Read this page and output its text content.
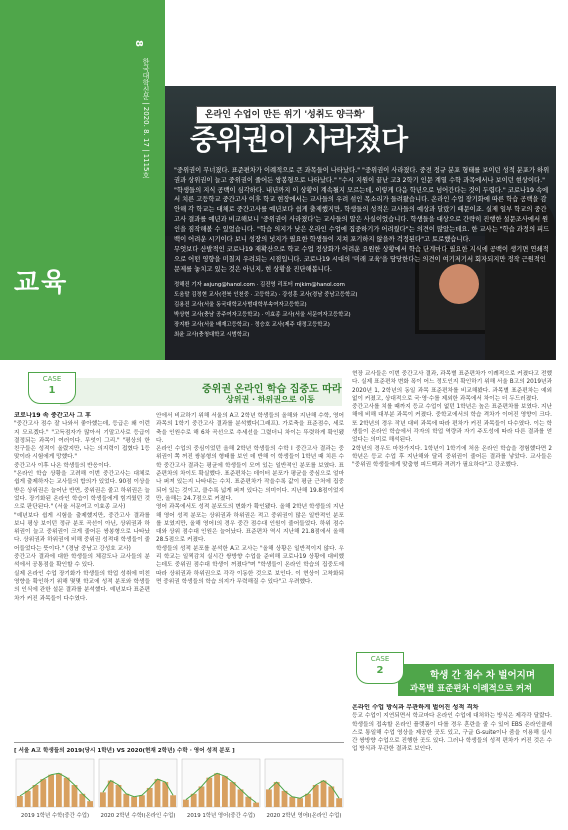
8
한국대학신문 | 2020. 8. 17 | 1115호
교육
온라인 수업이 만든 위기 '성취도 양극화'
중위권이 사라졌다

"중위권이 무너졌다. 표준편차가 이례적으로 큰 과목들이 나타났다." "중위권이 사라졌다. 중전 정규 분포 형태를 보이던 성적 분포가 하위권과 상위권이 늘고 중위권이 줄어든 쌍봉형으로 나타났다." "수시 지원이 끝난 고3 2학기 인문 계열 수학 과목에서나 보이던 현상이다." "학생들의 지식 공백이 심각하다. 내년까지 이 상황이 계속될지 모르는데, 이렇게 다음 학년으로 넘어간다는 것이 두렵다." 코로나19 속에서 치른 고등학교 중간고사 이후 학교 현장에서는 교사들의 우려 섞인 목소리가 들려왔습니다. 온라인 수업 장기화에 따른 학습 공백을 감안해 각 학교는 대체로 중간고사를 예년보다 쉽게 출제했지만, 학생들의 성적은 교사들의 예상과 달랐기 때문이죠. 실제 일부 학교의 중간고사 결과를 예년과 비교해보니 '중위권이 사라졌다'는 교사들의 말은 사실이었습니다. 학생들을 대상으로 간략히 진행한 설문조사에서 원인을 짐작해볼 수 있었습니다. "학습 의지가 낮은 온라인 수업에 집중하기가 어려웠다"는 의견이 많았는데요. 한 교사는 "학습 과정의 피드백이 어려운 시기이다 보니 성장의 넛지가 필요한 학생들이 지쳐 포기하지 않을까 걱정된다"고 토로했습니다.

무엇보다 산발적인 코로나19 재확산으로 학교 수업 정상화가 어려운 요원한 상황에서 학습 단계마다 필요한 지식에 공백이 생기면 연쇄적으로 어떤 영향을 미칠지 우려되는 시점입니다. 코로나19 시대의 '미래 교육'을 담당한다는 의견이 여기저기서 회자되지만 정작 근원적인 문제를 놓치고 있는 것은 아닌지, 현 상황을 진단해봅니다.

정해진 기자 asjung@hanol.com · 김진영 리포터 mjkim@hanol.com
도움말 김정현 교사(전북 인천중 · 고등학교) · 강성훈 교사(경남 중남고등학교)
김용진 교사(서울 동국대학교사범대학부속여자고등학교)
박상현 교사(충남 공주여자고등학교) · 이효종 교사(서울 서문여자고등학교)
장지환 교사(서울 배재고등학교) · 정승호 교사(제주 대정고등학교)
최윤 교사(충청대학교 시범학교)
CASE
1	중위권 온라인 학습 집중도 따라
상위권 · 하위권으로 이동

코로나19 속 중간고사 그 후

"중간고사 점수 잘 나와서 좋아했는데, 등급은 왜 이런지 모르겠다." "고득점자가 많아서 기말고사로 등급이 결정되는 과목이 여러이다. 무엇이 그리." "평상의 한 친구들은 성적이 올랐지만, 나는 의지력이 접혔다 1등 맞이라 시험에게 망했다."

중간고사 이후 나온 학생들의 반응이다.

"온라인 학습 상황을 고려해 이번 중간고사는 대체로 쉽게 출제하자는 교사들의 합의가 있었다. 90점 이상을 받은 상위권은 늘어난 반면, 중위권은 줄고 하위권은 늘었다. 장기화된 온라인 학습이 학생들에게 힘겨웠던 것으로 판단된다." (서울 서문여고 이효종 교사)

"예년보다 쉽게 시험을 출제했지만, 중간고사 결과를 보니 평상 보이던 정규 분포 곡선이 아닌, 상위권과 하위권이 늘고 중위권이 크게 줄어든 쌍봉형으로 나타났다. 상위권과 하위권에 비해 중위권 성적대 학생들이 줄어들었다는 뜻이다." (경남 중남고 강성호 교사)

중간고사 결과에 대한 학생들의 체감도나 교사들의 분석에서 공통점을 확인할 수 있다.

실제 온라인 수업 장기화가 학생들의 학업 성취에 미친 영향을 확인하기 위해 몇몇 학교에 성적 분포와 학생들의 인식에 관한 설문 결과를 분석했다. 예년보다 표준편차가 커진 과목들이 다수였다.

안에서 비교하기 위해 서울의 A고 2학년 학생들의 올해와 지난해 수학, 영어 과목의 1학기 중간고사 결과를 분석했다(그래프). 가로축을 표준점수, 세로축을 인원수로 해 6차 곡선으로 추세선을 그렸더니 차이는 뚜렷하게 확인됐다.

온라인 수업의 중심이었던 올해 2학년 학생들의 수학 Ⅰ 중간고사 결과는 중위권이 쪽 꺼진 쌍봉형의 형태를 보인 데 반해 이 학생들이 1학년 때 치른 수학 중간고사 결과는 평균에 학생들이 모여 있는 일반적인 분포를 보였다. 표준편차의 차이도 확실했다. 표준편차는 데이터 분포가 평균을 중심으로 얼마나 퍼져 있는지 나타내는 수치. 표준편차가 작을수록 값이 평균 근처에 집중되어 있는 것이고, 클수록 넓게 퍼져 있다는 의미이다. 지난해 19.8점이었지만, 올해는 24.7점으로 커졌다.

영어 과목에서도 성적 분포도의 변화가 확인됐다. 올해 2학년 학생들의 지난해 영어 성적 분포는 상위권과 하위권은 적고 중위권이 많은 일반적인 분포를 보였지만, 올해 영어Ⅰ의 경우 중간 점수대 인원이 줄어들었다. 하위 점수대와 상위 점수대 인원은 늘어났다. 표준편차 역시 지난해 21.8점에서 올해 28.5점으로 커졌다.

학생들의 성적 분포를 분석한 A고 교사는 "올해 상황은 일반적이지 않다. 우리 학교는 일찍감치 실시간 쌍방향 수업을 준비해 코로나19 상황에 대비했는데도 중위권 점수대 학생이 꺼졌다"며 "학생들이 온라인 학습의 집중도에 따라 상위권과 하위권으로 각각 이동한 것으로 보인다. 이 현상이 고착화되면 중위권 학생들의 학습 의지가 무력해질 수 있다"고 우려했다.

현장 교사들은 이번 중간고사 결과, 과목별 표준편차가 이례적으로 커졌다고 전했다. 실제 표준편차 변화 폭이 어느 정도인지 확인하기 위해 서울 B고의 2019년과 2020년 1, 2학년의 동일 과목 표준편차를 비교해봤다. 과목별 표준편차는 예외 없이 커졌고, 상대적으로 국·영·수를 제외한 과목에서 차이는 더 두드러졌다.

중간고사를 치를 때까지 등교 수업이 없던 1학년은 높은 표준편차를 보였다. 지난해에 비해 대부분 과목이 커졌다. 중학교에서의 학습 격차가 이어진 영향이 크다. 또 2학년의 경우 작년 대비 과목에 따라 편차가 커진 과목들이 다수였다. 이는 학생들이 온라인 학습에서 각자의 학업 역량과 자기 주도성에 따라 다른 결과를 얻었다는 의미로 해석된다.

2학년의 경우도 마찬가지다. 1학년이 1학기에 처음 온라인 학습을 경험했다면 2학년은 등교 수업 후 지난해와 달리 중위권이 줄어든 결과를 낳았다. 교사들은 "중위권 학생들에게 맞춤형 피드백과 격려가 필요하다"고 강조했다.

CASE
2	학생 간 점수 차 벌어지며
과목별 표준편차 이례적으로 커져

온라인 수업 방식과 무관하게 벌어진 성적 격차

등교 수업이 지연되면서 학교마다 온라인 수업에 대처하는 방식은 제각각 달랐다. 학생들의 접속할 온라인 플랫폼이 다를 경우 혼란을 줄 수 있어 EBS 온라인클래스로 통일해 수업 영상을 제공한 곳도 있고, 구글 G-suite이나 줌을 이용해 실시간 쌍방향 수업으로 진행한 곳도 있다. 그러나 학생들의 성적 편차가 커진 것은 수업 방식과 무관한 결과로 보인다.

[ 서울 A고 학생들의 2019(당시 1학년) VS 2020(현재 2학년) 수학 · 영어 성적 분포 ]
2019 1학년 수학(중간 수업) 2020 2학년 수학Ⅰ(온라인 수업) 2019 1학년 영어(중간 수업) 2020 2학년 영어Ⅰ(온라인 수업)
